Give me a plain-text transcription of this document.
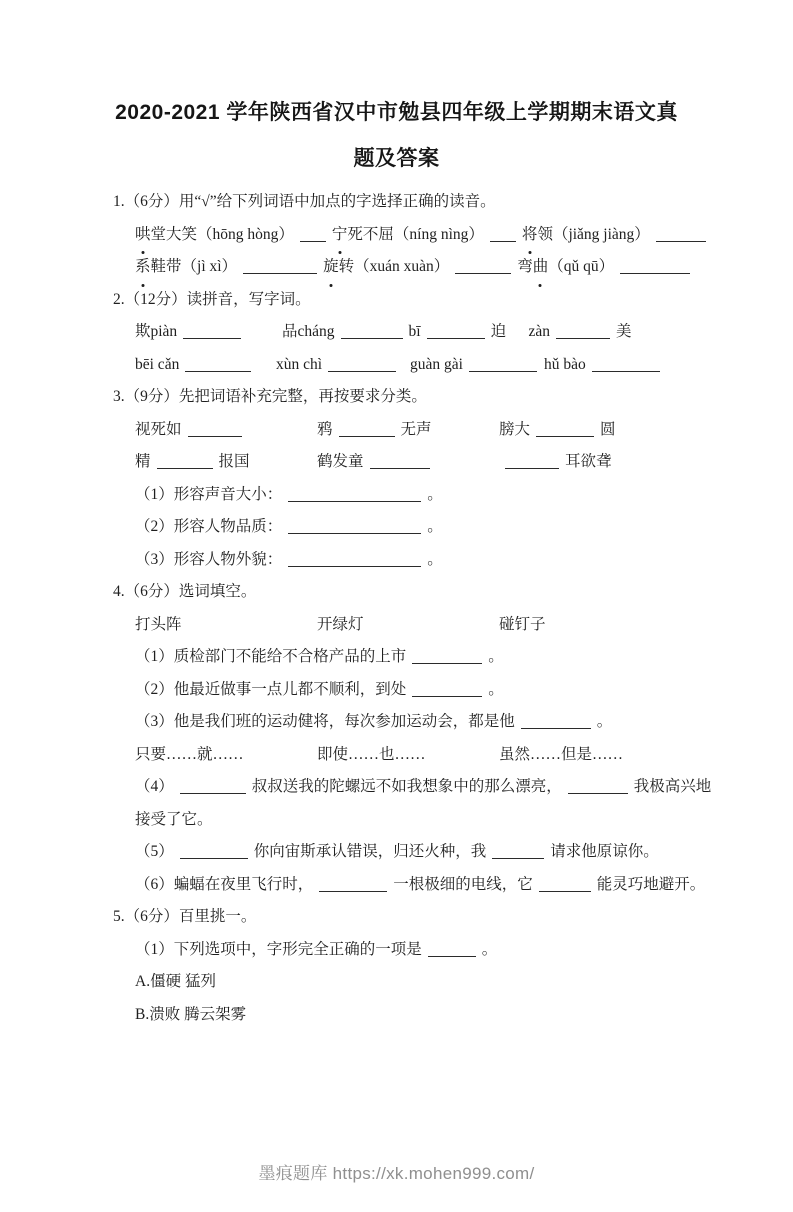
2020-2021 学年陕西省汉中市勉县四年级上学期期末语文真题及答案
1.（6分）用“√”给下列词语中加点的字选择正确的读音。
哄堂大笑（hōng hòng）	宁死不屈（níng nìng）	将领（jiǎng jiàng）
系鞋带（jì xì）	旋转（xuán xuàn）	弯曲（qǔ qū）
2.（12分）读拼音，写字词。
欺piàn	品cháng	bī	迫	zàn	美
bēi cǎn	xùn chì	guàn gài	hǔ bào
3.（9分）先把词语补充完整，再按要求分类。
视死如	鸦	无声	膀大	圆
精	报国	鹤发童	耳欲聋
（1）形容声音大小：	。
（2）形容人物品质：	。
（3）形容人物外貌：	。
4.（6分）选词填空。
打头阵	开绿灯	碰钉子
（1）质检部门不能给不合格产品的上市	。
（2）他最近做事一点儿都不顺利，到处	。
（3）他是我们班的运动健将，每次参加运动会，都是他	。
只要……就……	即使……也……	虽然……但是……
（4）	叔叔送我的陀螺远不如我想象中的那么漂亮，	我极高兴地接受了它。
（5）	你向宙斯承认错误，归还火种，我	请求他原谅你。
（6）蝙蝠在夜里飞行时，	一根极细的电线，它	能灵巧地避开。
5.（6分）百里挑一。
（1）下列选项中，字形完全正确的一项是	。
A.僵硬 猛列
B.溃败 腾云架雾
墨痕题库 https://xk.mohen999.com/
